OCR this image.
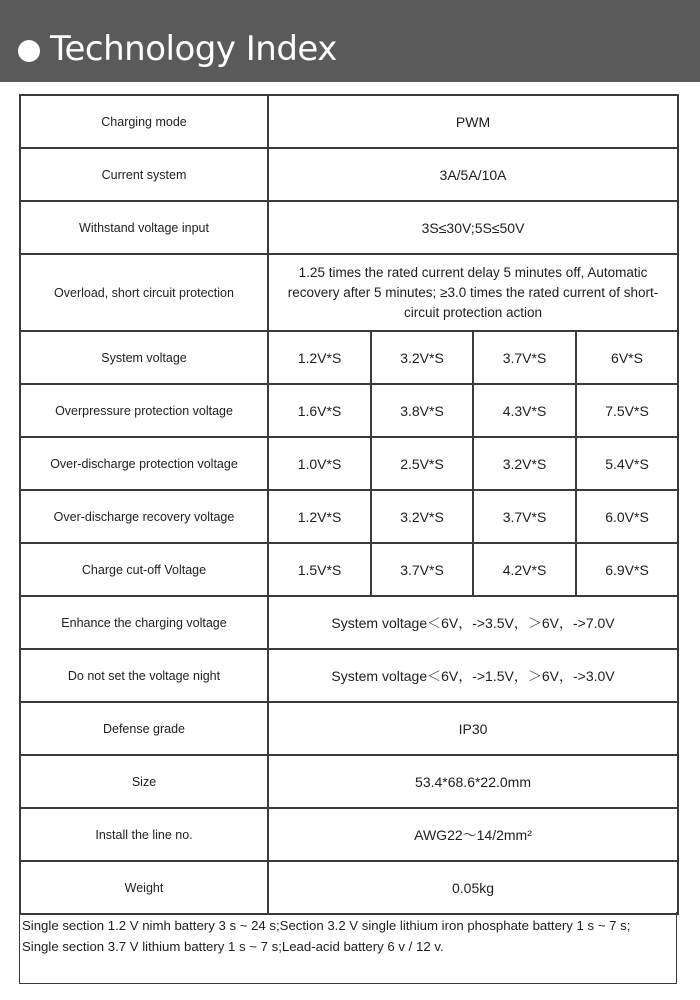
Technology Index
Charging mode	PWM			
Current system	3A/5A/10A			
Withstand voltage input	3S≤30V;5S≤50V			
Overload, short circuit protection	1.25 times the rated current delay 5 minutes off, Automatic
recovery after 5 minutes; ≥3.0 times the rated current of short-
circuit protection action			

System voltage	1.2V*S	3.2V*S	3.7V*S	6V*S
Overpressure protection voltage	1.6V*S	3.8V*S	4.3V*S	7.5V*S
Over-discharge protection voltage	1.0V*S	2.5V*S	3.2V*S	5.4V*S
Over-discharge recovery voltage	1.2V*S	3.2V*S	3.7V*S	6.0V*S
Charge cut-off Voltage	1.5V*S	3.7V*S	4.2V*S	6.9V*S
Enhance the charging voltage	System voltage＜6V，->3.5V，＞6V，->7.0V			
Do not set the voltage night	System voltage＜6V，->1.5V，＞6V，->3.0V			
Defense grade	IP30			
Size	53.4*68.6*22.0mm			
Install the line no.	AWG22～14/2mm²			
Weight	0.05kg			
Single section 1.2 V nimh battery 3 s ~ 24 s;Section 3.2 V single lithium iron phosphate battery 1 s ~ 7 s;
Single section 3.7 V lithium battery 1 s ~ 7 s;Lead-acid battery 6 v / 12 v.
